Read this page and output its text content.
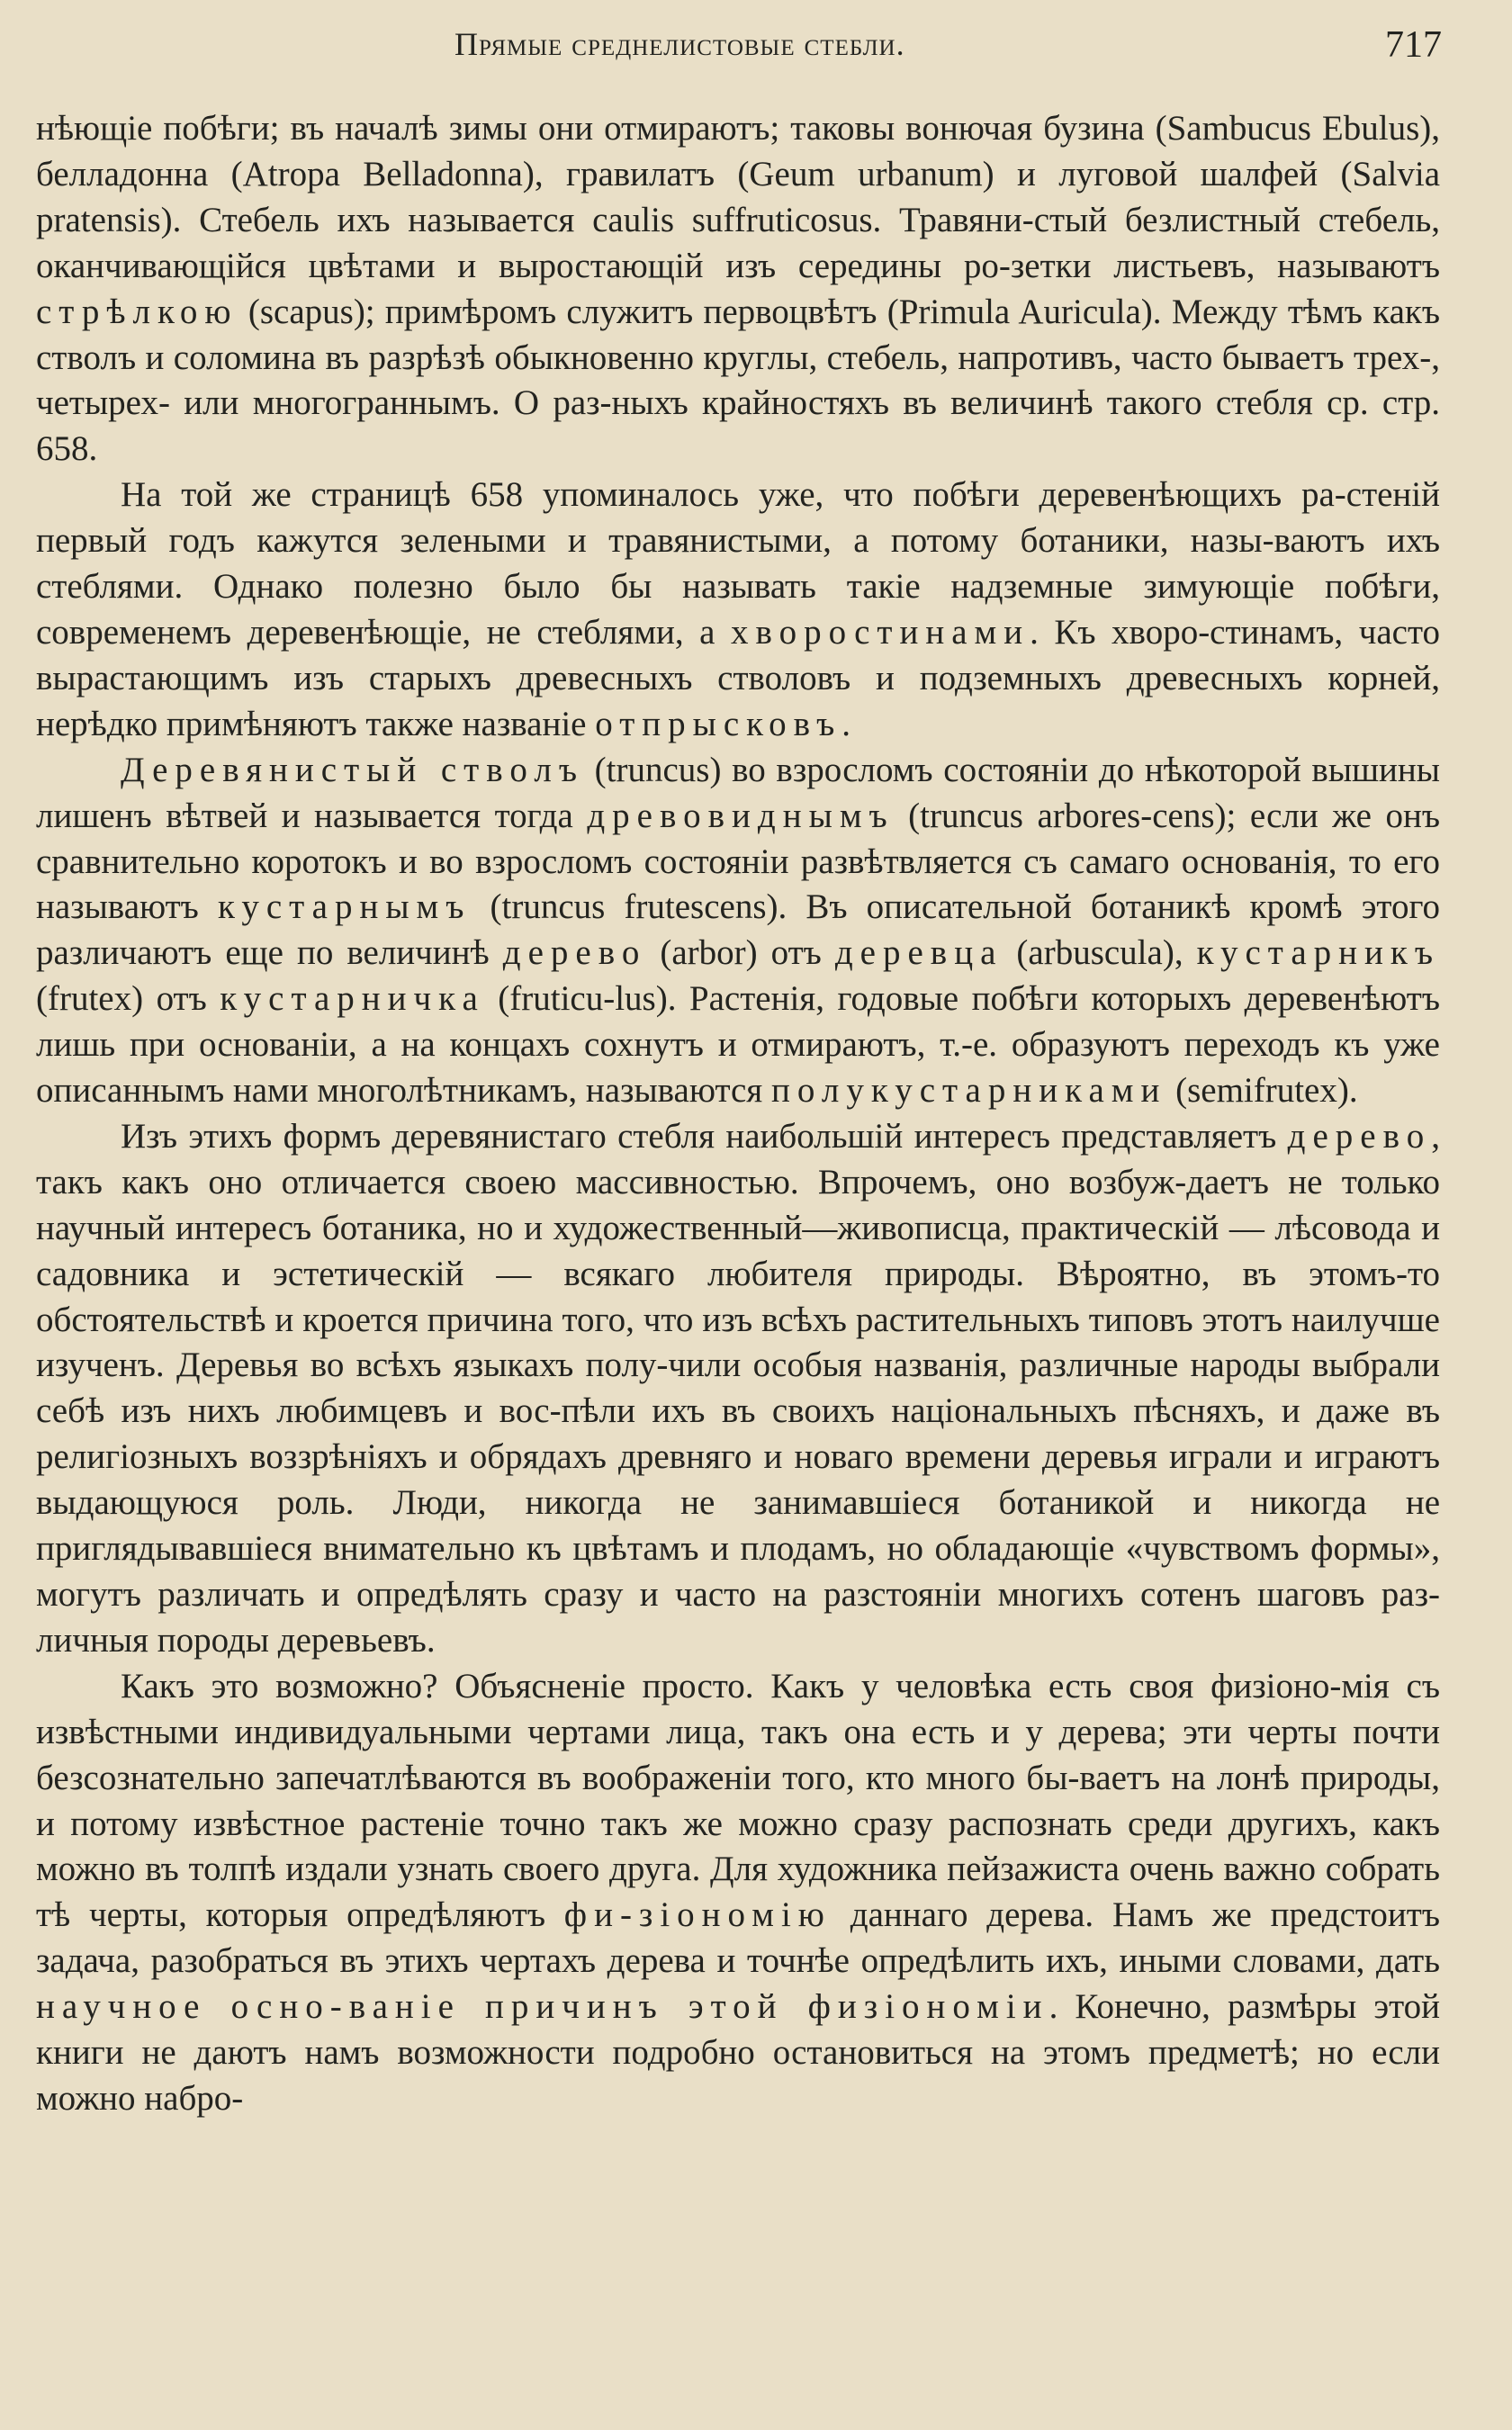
Прямые среднелистовые стебли.	717

нѣющіе побѣги; въ началѣ зимы они отмираютъ; таковы вонючая бузина (Sambucus Ebulus), белладонна (Atropa Belladonna), гравилатъ (Geum urbanum) и луговой шалфей (Salvia pratensis). Стебель ихъ называется caulis suffruticosus. Травяни-стый безлистный стебель, оканчивающійся цвѣтами и выростающій изъ середины ро-зетки листьевъ, называютъ стрѣлкою (scapus); примѣромъ служитъ первоцвѣтъ (Primula Auricula). Между тѣмъ какъ стволъ и соломина въ разрѣзѣ обыкновенно круглы, стебель, напротивъ, часто бываетъ трех-, четырех- или многограннымъ. О раз-ныхъ крайностяхъ въ величинѣ такого стебля ср. стр. 658.

На той же страницѣ 658 упоминалось уже, что побѣги деревенѣющихъ ра-стеній первый годъ кажутся зелеными и травянистыми, а потому ботаники, назы-ваютъ ихъ стеблями. Однако полезно было бы называть такіе надземные зимующіе побѣги, современемъ деревенѣющіе, не стеблями, а хворостинами. Къ хворо-стинамъ, часто вырастающимъ изъ старыхъ древесныхъ стволовъ и подземныхъ древесныхъ корней, нерѣдко примѣняютъ также названіе отпрысковъ.

Деревянистый стволъ (truncus) во взросломъ состояніи до нѣкоторой вышины лишенъ вѣтвей и называется тогда древовиднымъ (truncus arbores-cens); если же онъ сравнительно коротокъ и во взросломъ состояніи развѣтвляется съ самаго основанія, то его называютъ кустарнымъ (truncus frutescens). Въ описательной ботаникѣ кромѣ этого различаютъ еще по величинѣ дерево (arbor) отъ деревца (arbuscula), кустарникъ (frutex) отъ кустарничка (fruticu-lus). Растенія, годовые побѣги которыхъ деревенѣютъ лишь при основаніи, а на концахъ сохнутъ и отмираютъ, т.-е. образуютъ переходъ къ уже описаннымъ нами многолѣтникамъ, называются полукустарниками (semifrutex).

Изъ этихъ формъ деревянистаго стебля наибольшій интересъ представляетъ дерево, такъ какъ оно отличается своею массивностью. Впрочемъ, оно возбуж-даетъ не только научный интересъ ботаника, но и художественный—живописца, практическій — лѣсовода и садовника и эстетическій — всякаго любителя природы. Вѣроятно, въ этомъ-то обстоятельствѣ и кроется причина того, что изъ всѣхъ растительныхъ типовъ этотъ наилучше изученъ. Деревья во всѣхъ языкахъ полу-чили особыя названія, различные народы выбрали себѣ изъ нихъ любимцевъ и вос-пѣли ихъ въ своихъ національныхъ пѣсняхъ, и даже въ религіозныхъ воззрѣніяхъ и обрядахъ древняго и новаго времени деревья играли и играютъ выдающуюся роль. Люди, никогда не занимавшіеся ботаникой и никогда не приглядывавшіеся внимательно къ цвѣтамъ и плодамъ, но обладающіе «чувствомъ формы», могутъ различать и опредѣлять сразу и часто на разстояніи многихъ сотенъ шаговъ раз-личныя породы деревьевъ.

Какъ это возможно? Объясненіе просто. Какъ у человѣка есть своя физіоно-мія съ извѣстными индивидуальными чертами лица, такъ она есть и у дерева; эти черты почти безсознательно запечатлѣваются въ воображеніи того, кто много бы-ваетъ на лонѣ природы, и потому извѣстное растеніе точно такъ же можно сразу распознать среди другихъ, какъ можно въ толпѣ издали узнать своего друга. Для художника пейзажиста очень важно собрать тѣ черты, которыя опредѣляютъ фи-зіономію даннаго дерева. Намъ же предстоитъ задача, разобраться въ этихъ чертахъ дерева и точнѣе опредѣлить ихъ, иными словами, дать научное осно-ваніе причинъ этой физіономіи. Конечно, размѣры этой книги не даютъ намъ возможности подробно остановиться на этомъ предметѣ; но если можно набро-
